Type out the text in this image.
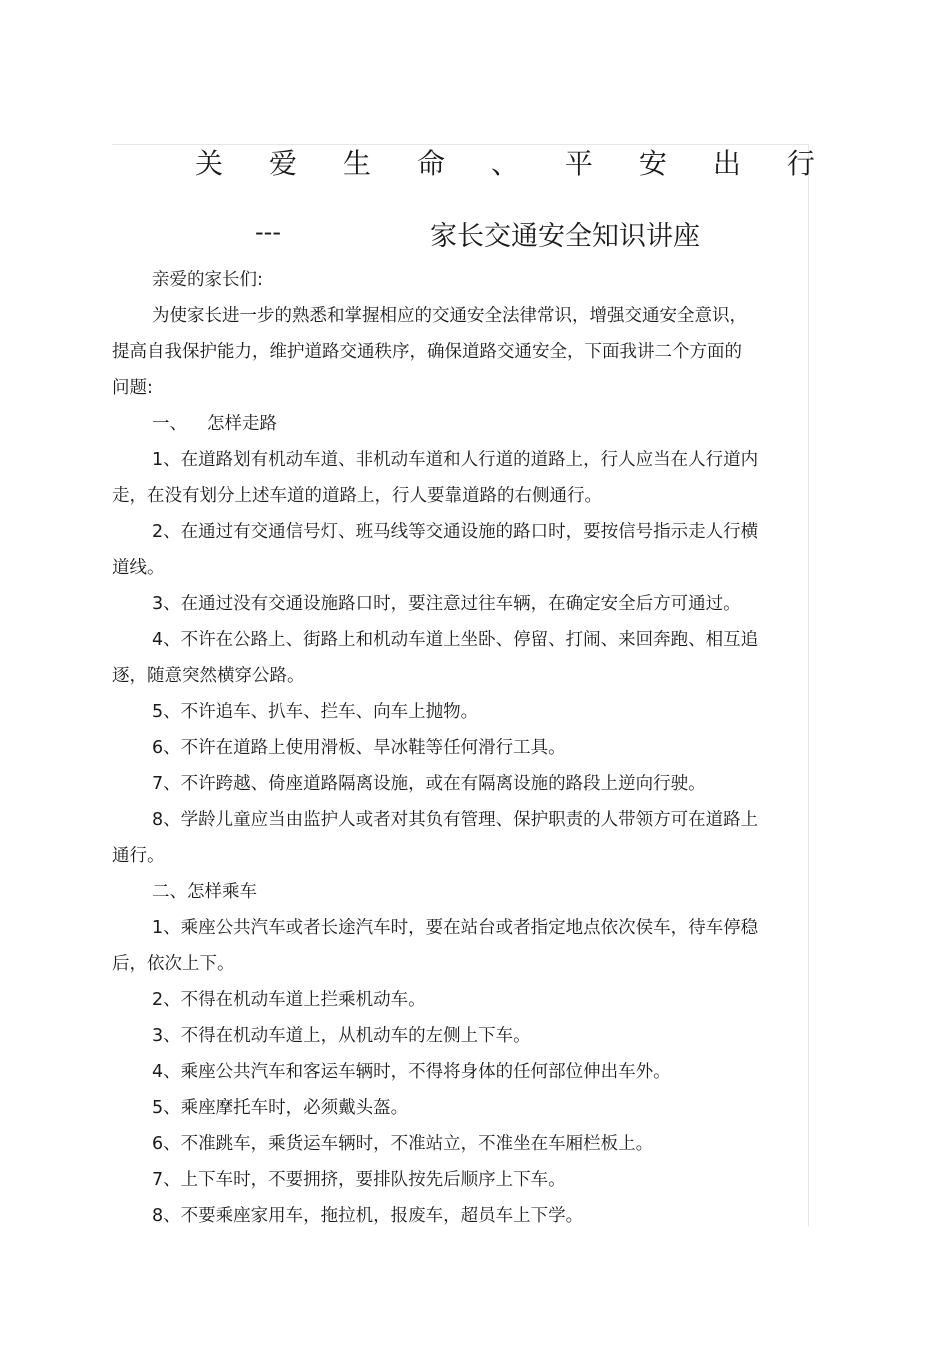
关 爱 生 命 、 平 安 出 行
---	家长交通安全知识讲座

亲爱的家长们:

为使家长进一步的熟悉和掌握相应的交通安全法律常识，增强交通安全意识，

提高自我保护能力，维护道路交通秩序，确保道路交通安全，下面我讲二个方面的

问题:

一、 怎样走路

1、在道路划有机动车道、非机动车道和人行道的道路上，行人应当在人行道内

走，在没有划分上述车道的道路上，行人要靠道路的右侧通行。

2、在通过有交通信号灯、班马线等交通设施的路口时，要按信号指示走人行横

道线。

3、在通过没有交通设施路口时，要注意过往车辆，在确定安全后方可通过。

4、不许在公路上、街路上和机动车道上坐卧、停留、打闹、来回奔跑、相互追

逐，随意突然横穿公路。

5、不许追车、扒车、拦车、向车上抛物。

6、不许在道路上使用滑板、旱冰鞋等任何滑行工具。

7、不许跨越、倚座道路隔离设施，或在有隔离设施的路段上逆向行驶。

8、学龄儿童应当由监护人或者对其负有管理、保护职责的人带领方可在道路上

通行。

二、怎样乘车

1、乘座公共汽车或者长途汽车时，要在站台或者指定地点依次侯车，待车停稳

后，依次上下。

2、不得在机动车道上拦乘机动车。

3、不得在机动车道上，从机动车的左侧上下车。

4、乘座公共汽车和客运车辆时，不得将身体的任何部位伸出车外。

5、乘座摩托车时，必须戴头盔。

6、不准跳车，乘货运车辆时，不准站立，不准坐在车厢栏板上。

7、上下车时，不要拥挤，要排队按先后顺序上下车。

8、不要乘座家用车，拖拉机，报废车，超员车上下学。
